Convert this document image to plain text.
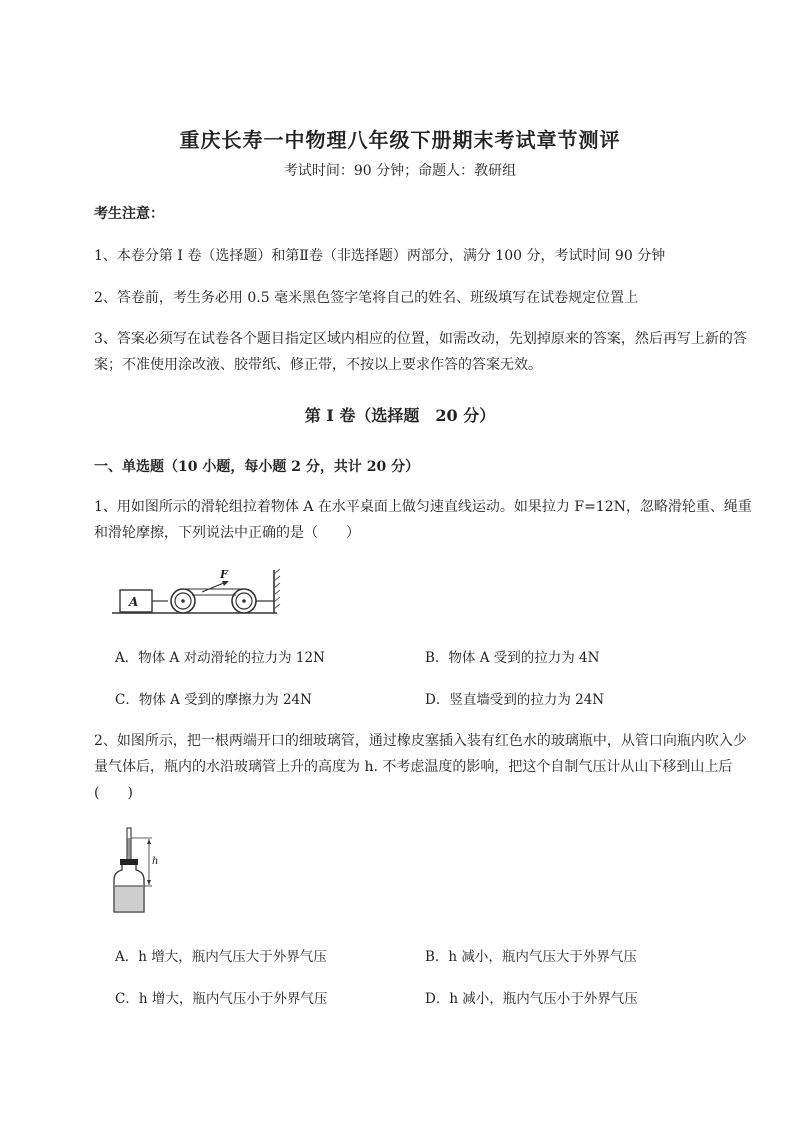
重庆长寿一中物理八年级下册期末考试章节测评
考试时间：90 分钟；命题人：教研组
考生注意：
1、本卷分第 I 卷（选择题）和第Ⅱ卷（非选择题）两部分，满分 100 分，考试时间 90 分钟
2、答卷前，考生务必用 0.5 毫米黑色签字笔将自己的姓名、班级填写在试卷规定位置上
3、答案必须写在试卷各个题目指定区域内相应的位置，如需改动，先划掉原来的答案，然后再写上新的答案；不准使用涂改液、胶带纸、修正带，不按以上要求作答的答案无效。
第 I 卷（选择题　20 分）
一、单选题（10 小题，每小题 2 分，共计 20 分）
1、用如图所示的滑轮组拉着物体 A 在水平桌面上做匀速直线运动。如果拉力 F=12N，忽略滑轮重、绳重和滑轮摩擦，下列说法中正确的是（　　）
A
F
A．物体 A 对动滑轮的拉力为 12N	B．物体 A 受到的拉力为 4N
C．物体 A 受到的摩擦力为 24N	D．竖直墙受到的拉力为 24N
2、如图所示，把一根两端开口的细玻璃管，通过橡皮塞插入装有红色水的玻璃瓶中，从管口向瓶内吹入少量气体后，瓶内的水沿玻璃管上升的高度为 h. 不考虑温度的影响，把这个自制气压计从山下移到山上后(　　)
h
A．h 增大，瓶内气压大于外界气压	B．h 减小，瓶内气压大于外界气压
C．h 增大，瓶内气压小于外界气压	D．h 减小，瓶内气压小于外界气压
